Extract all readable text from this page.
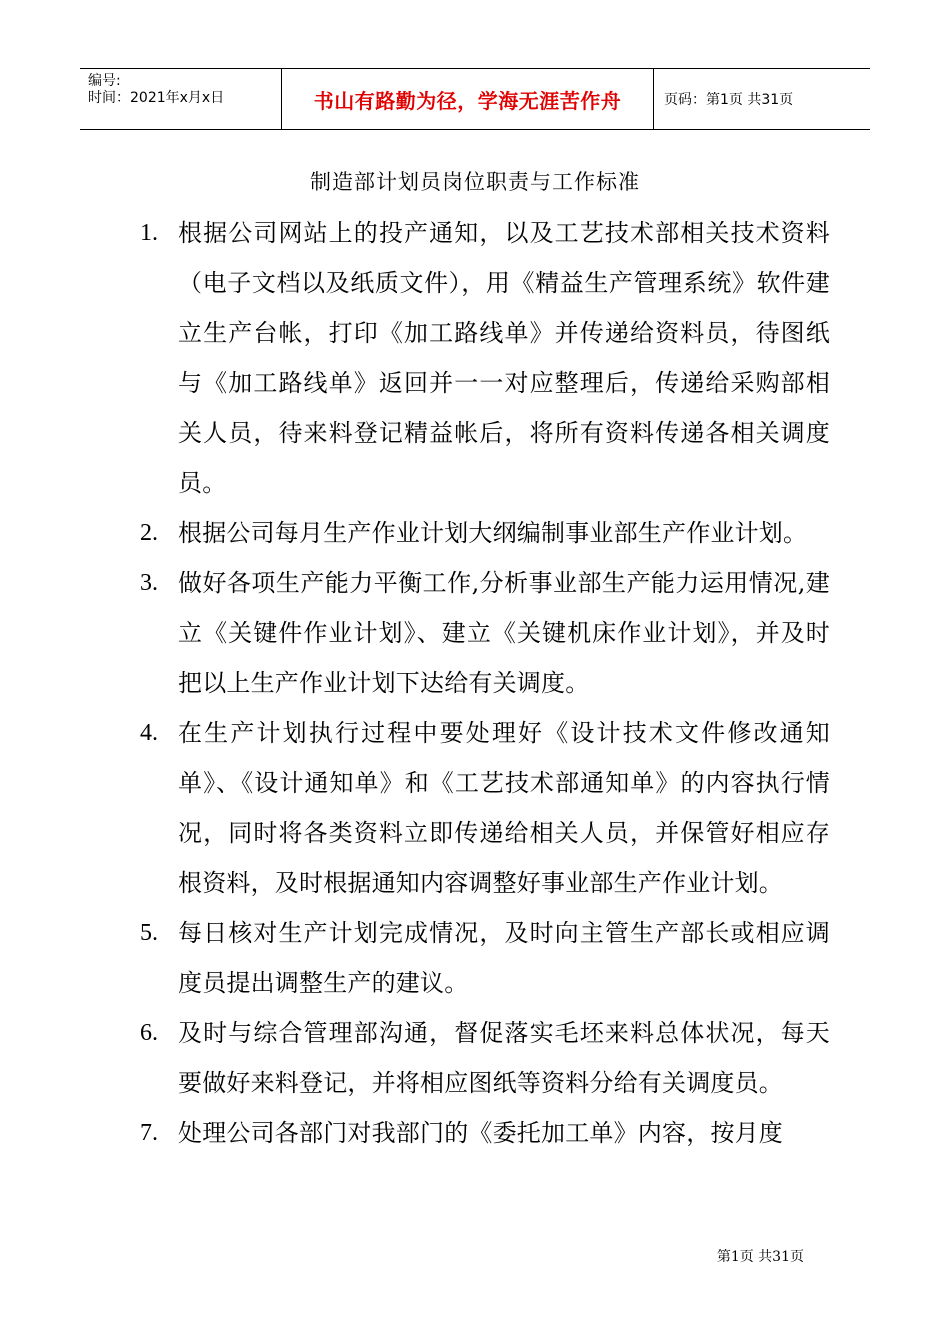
编号:
时间：2021年x月x日	书山有路勤为径，学海无涯苦作舟	页码：第1页 共31页
制造部计划员岗位职责与工作标准
1. 根据公司网站上的投产通知，以及工艺技术部相关技术资料（电子文档以及纸质文件），用《精益生产管理系统》软件建立生产台帐，打印《加工路线单》并传递给资料员，待图纸与《加工路线单》返回并一一对应整理后，传递给采购部相关人员，待来料登记精益帐后，将所有资料传递各相关调度员。
2. 根据公司每月生产作业计划大纲编制事业部生产作业计划。
3. 做好各项生产能力平衡工作,分析事业部生产能力运用情况,建立《关键件作业计划》、建立《关键机床作业计划》，并及时把以上生产作业计划下达给有关调度。
4. 在生产计划执行过程中要处理好《设计技术文件修改通知单》、《设计通知单》和《工艺技术部通知单》的内容执行情况，同时将各类资料立即传递给相关人员，并保管好相应存根资料，及时根据通知内容调整好事业部生产作业计划。
5. 每日核对生产计划完成情况，及时向主管生产部长或相应调度员提出调整生产的建议。
6. 及时与综合管理部沟通，督促落实毛坯来料总体状况，每天要做好来料登记，并将相应图纸等资料分给有关调度员。
7. 处理公司各部门对我部门的《委托加工单》内容，按月度
第1页 共31页
